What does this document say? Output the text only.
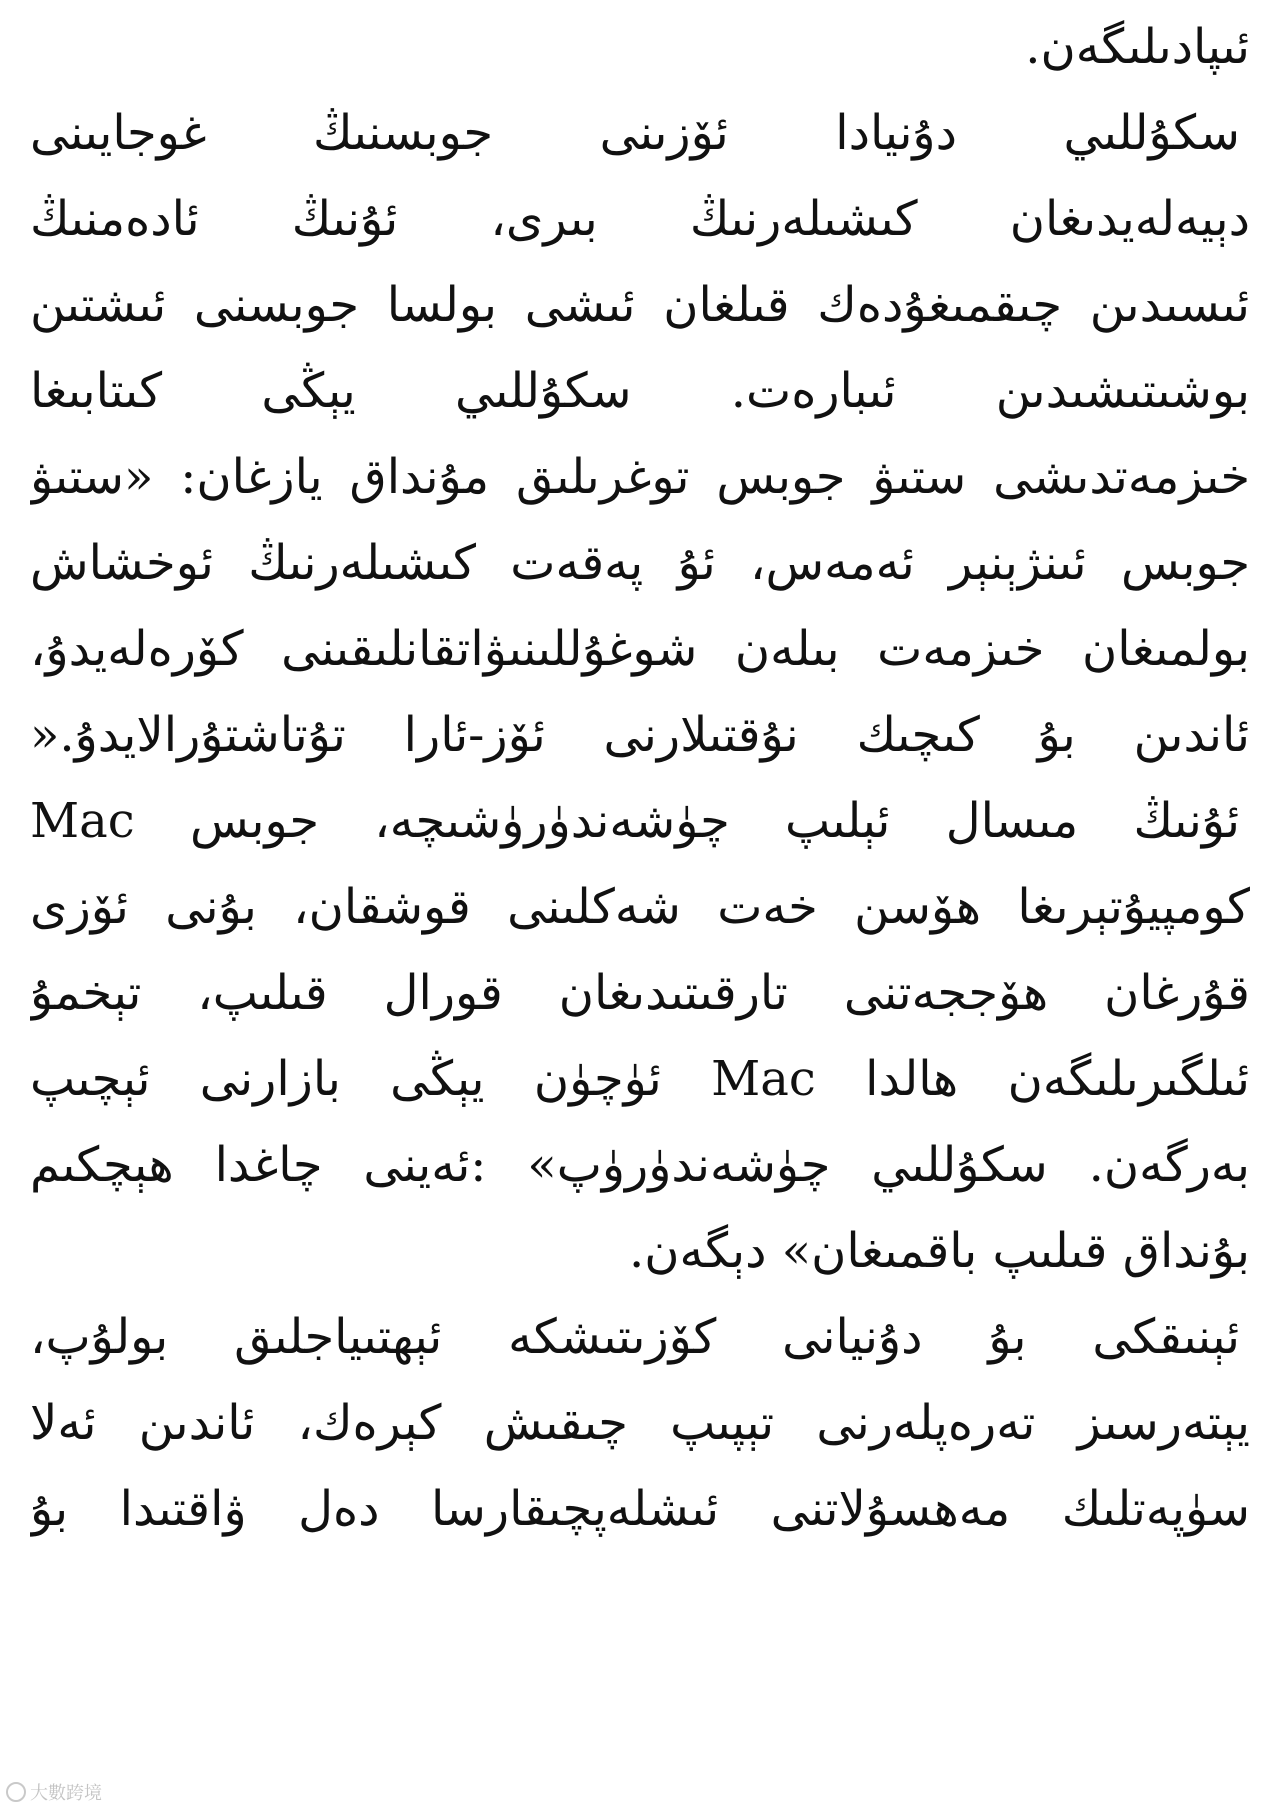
ئىپادىلىگەن.
سكۇللىي دۇنيادا ئۆزىنى جوبسنىڭ غوجايىنى
دېيەلەيدىغان كىشىلەرنىڭ بىرى، ئۇنىڭ ئادەمنىڭ
ئىسىدىن چىقمىغۇدەك قىلغان ئىشى بولسا جوبسنى ئىشتىن
بوشىتىشىدىن ئىبارەت. سكۇللىي يېڭى كىتابىغا
خىزمەتدىشى ستىۋ جوبس توغرىلىق مۇنداق يازغان: «ستىۋ
جوبس ئىنژېنېر ئەمەس، ئۇ پەقەت كىشىلەرنىڭ ئوخشاش
بولمىغان خىزمەت بىلەن شوغۇللىنىۋاتقانلىقىنى كۆرەلەيدۇ،
ئاندىن بۇ كىچىك نۇقتىلارنى ئۆز-ئارا تۇتاشتۇرالايدۇ.«
ئۇنىڭ مىسال ئېلىپ چۈشەندۈرۈشىچە، جوبس Mac
كومپيۇتېرىغا ھۆسن خەت شەكلىنى قوشقان، بۇنى ئۆزى
قۇرغان ھۆججەتنى تارقىتىدىغان قورال قىلىپ، تېخمۇ
ئىلگىرىلىگەن ھالدا Mac ئۈچۈن يېڭى بازارنى ئېچىپ
بەرگەن. سكۇللىي چۈشەندۈرۈپ» :ئەينى چاغدا ھېچكىم
بۇنداق قىلىپ باقمىغان» دېگەن.
ئېنىقكى بۇ دۇنيانى كۆزىتىشكە ئېھتىياجلىق بولۇپ،
يېتەرسىز تەرەپلەرنى تېپىپ چىقىش كېرەك، ئاندىن ئەلا
سۈپەتلىك مەھسۇلاتنى ئىشلەپچىقارسا دەل ۋاقتىدا بۇ
大數跨境
